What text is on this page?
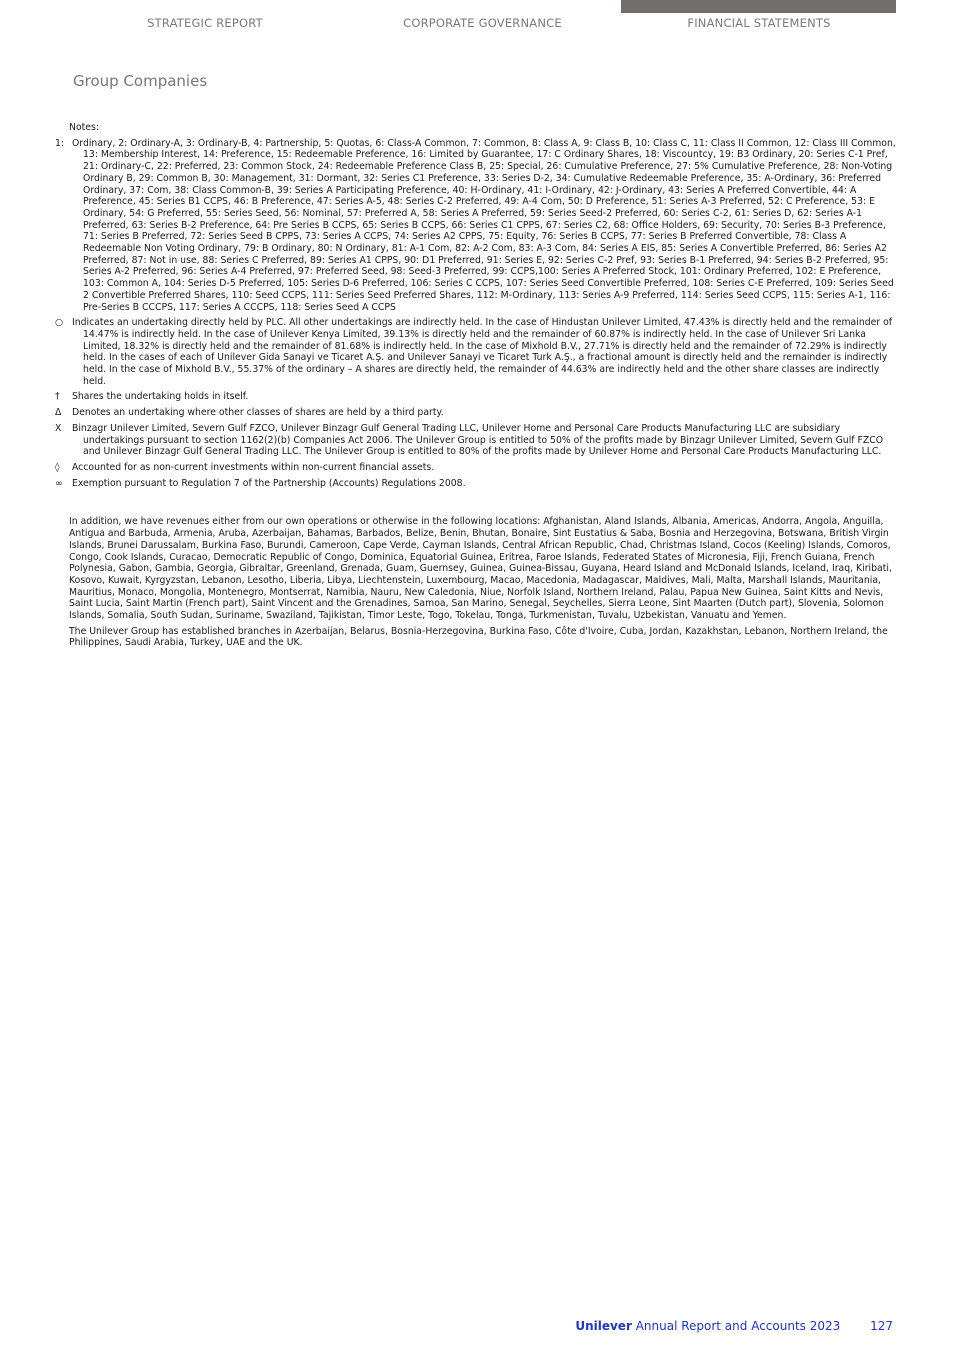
STRATEGIC REPORT	CORPORATE GOVERNANCE	FINANCIAL STATEMENTS
Group Companies

Notes:

1: Ordinary, 2: Ordinary-A, 3: Ordinary-B, 4: Partnership, 5: Quotas, 6: Class-A Common, 7: Common, 8: Class A, 9: Class B, 10: Class C, 11: Class II Common, 12: Class III Common, 13: Membership Interest, 14: Preference, 15: Redeemable Preference, 16: Limited by Guarantee, 17: C Ordinary Shares, 18: Viscountcy, 19: B3 Ordinary, 20: Series C-1 Pref, 21: Ordinary-C, 22: Preferred, 23: Common Stock, 24: Redeemable Preference Class B, 25: Special, 26: Cumulative Preference, 27: 5% Cumulative Preference, 28: Non-Voting Ordinary B, 29: Common B, 30: Management, 31: Dormant, 32: Series C1 Preference, 33: Series D-2, 34: Cumulative Redeemable Preference, 35: A-Ordinary, 36: Preferred Ordinary, 37: Com, 38: Class Common-B, 39: Series A Participating Preference, 40: H-Ordinary, 41: I-Ordinary, 42: J-Ordinary, 43: Series A Preferred Convertible, 44: A Preference, 45: Series B1 CCPS, 46: B Preference, 47: Series A-5, 48: Series C-2 Preferred, 49: A-4 Com, 50: D Preference, 51: Series A-3 Preferred, 52: C Preference, 53: E Ordinary, 54: G Preferred, 55: Series Seed, 56: Nominal, 57: Preferred A, 58: Series A Preferred, 59: Series Seed-2 Preferred, 60: Series C-2, 61: Series D, 62: Series A-1 Preferred, 63: Series B-2 Preference, 64: Pre Series B CCPS, 65: Series B CCPS, 66: Series C1 CPPS, 67: Series C2, 68: Office Holders, 69: Security, 70: Series B-3 Preference, 71: Series B Preferred, 72: Series Seed B CPPS, 73: Series A CCPS, 74: Series A2 CPPS, 75: Equity, 76: Series B CCPS, 77: Series B Preferred Convertible, 78: Class A Redeemable Non Voting Ordinary, 79: B Ordinary, 80: N Ordinary, 81: A-1 Com, 82: A-2 Com, 83: A-3 Com, 84: Series A EIS, 85: Series A Convertible Preferred, 86: Series A2 Preferred, 87: Not in use, 88: Series C Preferred, 89: Series A1 CPPS, 90: D1 Preferred, 91: Series E, 92: Series C-2 Pref, 93: Series B-1 Preferred, 94: Series B-2 Preferred, 95: Series A-2 Preferred, 96: Series A-4 Preferred, 97: Preferred Seed, 98: Seed-3 Preferred, 99: CCPS,100: Series A Preferred Stock, 101: Ordinary Preferred, 102: E Preference, 103: Common A, 104: Series D-5 Preferred, 105: Series D-6 Preferred, 106: Series C CCPS, 107: Series Seed Convertible Preferred, 108: Series C-E Preferred, 109: Series Seed 2 Convertible Preferred Shares, 110: Seed CCPS, 111: Series Seed Preferred Shares, 112: M-Ordinary, 113: Series A-9 Preferred, 114: Series Seed CCPS, 115: Series A-1, 116: Pre-Series B CCCPS, 117: Series A CCCPS, 118: Series Seed A CCPS

○ Indicates an undertaking directly held by PLC. All other undertakings are indirectly held. In the case of Hindustan Unilever Limited, 47.43% is directly held and the remainder of 14.47% is indirectly held. In the case of Unilever Kenya Limited, 39.13% is directly held and the remainder of 60.87% is indirectly held. In the case of Unilever Sri Lanka Limited, 18.32% is directly held and the remainder of 81.68% is indirectly held. In the case of Mixhold B.V., 27.71% is directly held and the remainder of 72.29% is indirectly held. In the cases of each of Unilever Gida Sanayi ve Ticaret A.Ş. and Unilever Sanayi ve Ticaret Turk A.Ş., a fractional amount is directly held and the remainder is indirectly held. In the case of Mixhold B.V., 55.37% of the ordinary – A shares are directly held, the remainder of 44.63% are indirectly held and the other share classes are indirectly held.

† Shares the undertaking holds in itself.

Δ Denotes an undertaking where other classes of shares are held by a third party.

X Binzagr Unilever Limited, Severn Gulf FZCO, Unilever Binzagr Gulf General Trading LLC, Unilever Home and Personal Care Products Manufacturing LLC are subsidiary undertakings pursuant to section 1162(2)(b) Companies Act 2006. The Unilever Group is entitled to 50% of the profits made by Binzagr Unilever Limited, Severn Gulf FZCO and Unilever Binzagr Gulf General Trading LLC. The Unilever Group is entitled to 80% of the profits made by Unilever Home and Personal Care Products Manufacturing LLC.

◊ Accounted for as non-current investments within non-current financial assets.

∞ Exemption pursuant to Regulation 7 of the Partnership (Accounts) Regulations 2008.

In addition, we have revenues either from our own operations or otherwise in the following locations: Afghanistan, Aland Islands, Albania, Americas, Andorra, Angola, Anguilla, Antigua and Barbuda, Armenia, Aruba, Azerbaijan, Bahamas, Barbados, Belize, Benin, Bhutan, Bonaire, Sint Eustatius & Saba, Bosnia and Herzegovina, Botswana, British Virgin Islands, Brunei Darussalam, Burkina Faso, Burundi, Cameroon, Cape Verde, Cayman Islands, Central African Republic, Chad, Christmas Island, Cocos (Keeling) Islands, Comoros, Congo, Cook Islands, Curacao, Democratic Republic of Congo, Dominica, Equatorial Guinea, Eritrea, Faroe Islands, Federated States of Micronesia, Fiji, French Guiana, French Polynesia, Gabon, Gambia, Georgia, Gibraltar, Greenland, Grenada, Guam, Guernsey, Guinea, Guinea-Bissau, Guyana, Heard Island and McDonald Islands, Iceland, Iraq, Kiribati, Kosovo, Kuwait, Kyrgyzstan, Lebanon, Lesotho, Liberia, Libya, Liechtenstein, Luxembourg, Macao, Macedonia, Madagascar, Maldives, Mali, Malta, Marshall Islands, Mauritania, Mauritius, Monaco, Mongolia, Montenegro, Montserrat, Namibia, Nauru, New Caledonia, Niue, Norfolk Island, Northern Ireland, Palau, Papua New Guinea, Saint Kitts and Nevis, Saint Lucia, Saint Martin (French part), Saint Vincent and the Grenadines, Samoa, San Marino, Senegal, Seychelles, Sierra Leone, Sint Maarten (Dutch part), Slovenia, Solomon Islands, Somalia, South Sudan, Suriname, Swaziland, Tajikistan, Timor Leste, Togo, Tokelau, Tonga, Turkmenistan, Tuvalu, Uzbekistan, Vanuatu and Yemen.

The Unilever Group has established branches in Azerbaijan, Belarus, Bosnia-Herzegovina, Burkina Faso, Côte d'Ivoire, Cuba, Jordan, Kazakhstan, Lebanon, Northern Ireland, the Philippines, Saudi Arabia, Turkey, UAE and the UK.

Unilever Annual Report and Accounts 2023 127
